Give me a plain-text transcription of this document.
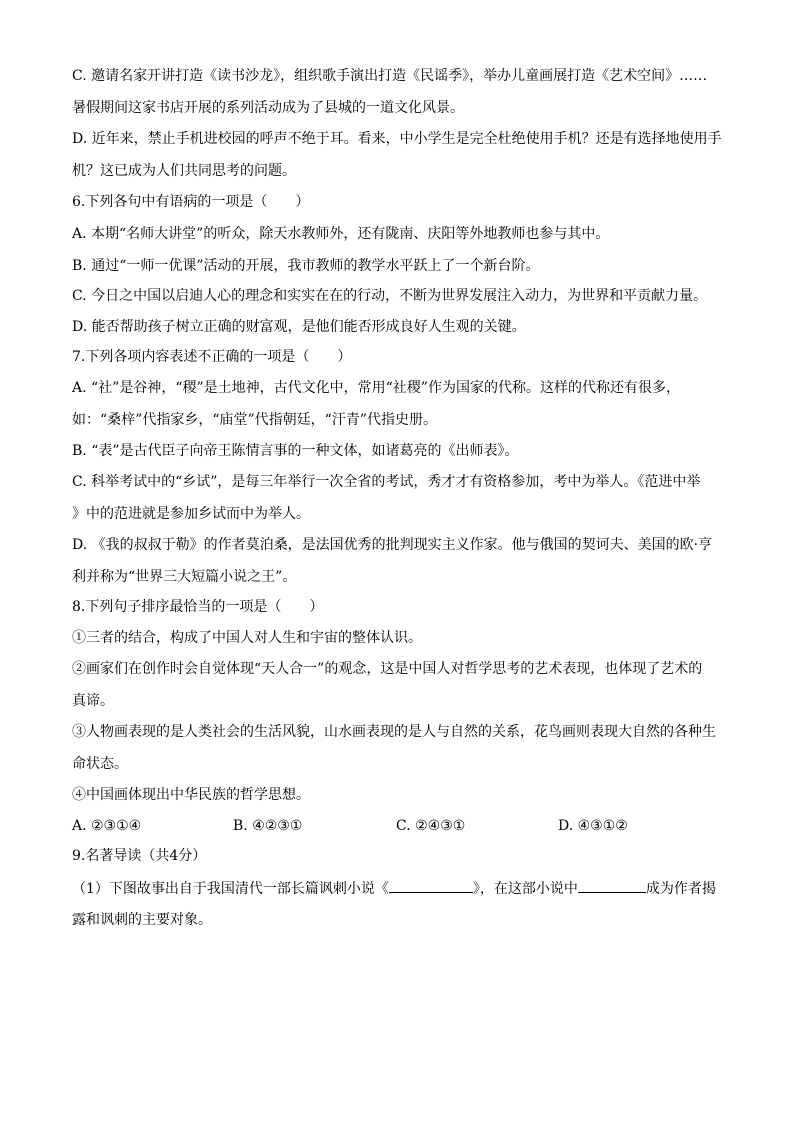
C. 邀请名家开讲打造《读书沙龙》，组织歌手演出打造《民谣季》，举办儿童画展打造《艺术空间》……
暑假期间这家书店开展的系列活动成为了县城的一道文化风景。
D. 近年来，禁止手机进校园的呼声不绝于耳。看来，中小学生是完全杜绝使用手机？还是有选择地使用手
机？这已成为人们共同思考的问题。
6.下列各句中有语病的一项是（　　）
A. 本期“名师大讲堂”的听众，除天水教师外，还有陇南、庆阳等外地教师也参与其中。
B. 通过“一师一优课”活动的开展，我市教师的教学水平跃上了一个新台阶。
C. 今日之中国以启迪人心的理念和实实在在的行动，不断为世界发展注入动力，为世界和平贡献力量。
D. 能否帮助孩子树立正确的财富观，是他们能否形成良好人生观的关键。
7.下列各项内容表述不正确的一项是（　　）
A. “社”是谷神，“稷”是土地神，古代文化中，常用“社稷”作为国家的代称。这样的代称还有很多，
如：“桑梓”代指家乡，“庙堂”代指朝廷，“汗青”代指史册。
B. “表”是古代臣子向帝王陈情言事的一种文体，如诸葛亮的《出师表》。
C. 科举考试中的“乡试”，是每三年举行一次全省的考试，秀才才有资格参加，考中为举人。《范进中举
》中的范进就是参加乡试而中为举人。
D. 《我的叔叔于勒》的作者莫泊桑，是法国优秀的批判现实主义作家。他与俄国的契诃夫、美国的欧·亨
利并称为“世界三大短篇小说之王”。
8.下列句子排序最恰当的一项是（　　）
①三者的结合，构成了中国人对人生和宇宙的整体认识。
②画家们在创作时会自觉体现“天人合一”的观念，这是中国人对哲学思考的艺术表现，也体现了艺术的
真谛。
③人物画表现的是人类社会的生活风貌，山水画表现的是人与自然的关系，花鸟画则表现大自然的各种生
命状态。
④中国画体现出中华民族的哲学思想。
A. ②③①④	B. ④②③①	C. ②④③①	D. ④③①②
9.名著导读（共4分）
（1）下图故事出自于我国清代一部长篇讽刺小说《	》，在这部小说中	成为作者揭
露和讽刺的主要对象。
